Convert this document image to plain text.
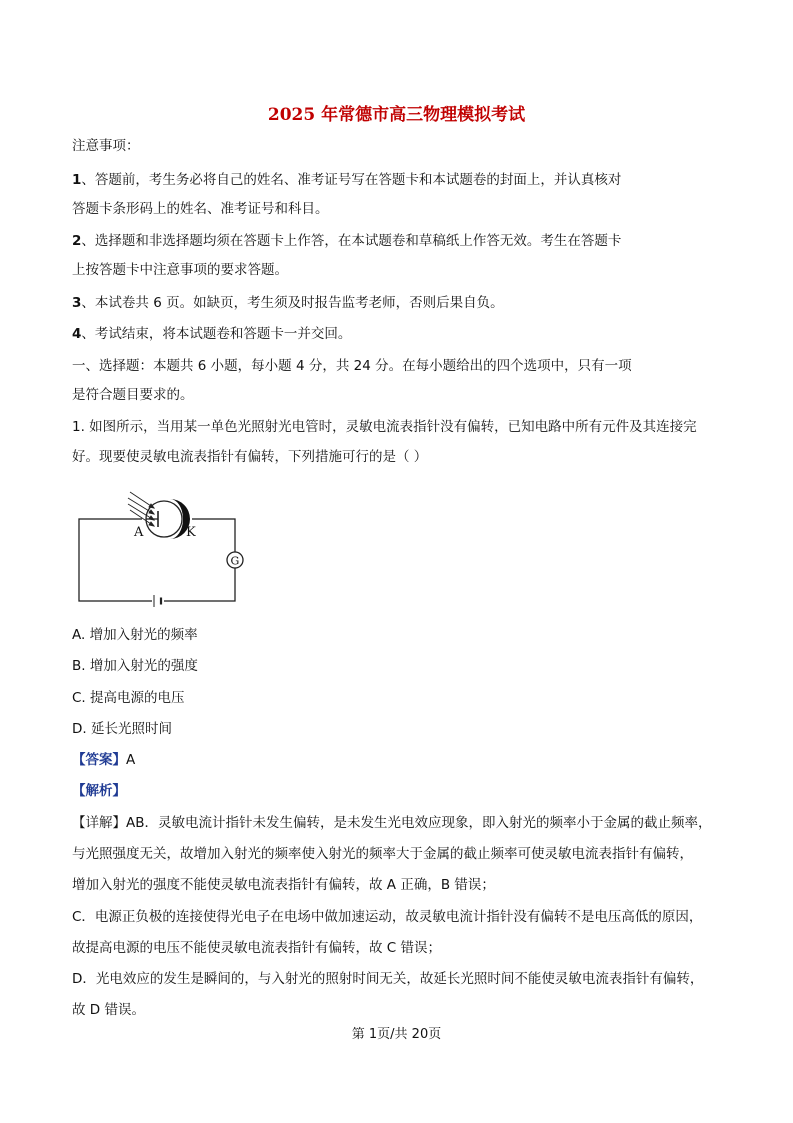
2025 年常德市高三物理模拟考试
注意事项：
1、答题前，考生务必将自己的姓名、准考证号写在答题卡和本试题卷的封面上，并认真核对
答题卡条形码上的姓名、准考证号和科目。
2、选择题和非选择题均须在答题卡上作答，在本试题卷和草稿纸上作答无效。考生在答题卡
上按答题卡中注意事项的要求答题。
3、本试卷共 6 页。如缺页，考生须及时报告监考老师，否则后果自负。
4、考试结束，将本试题卷和答题卡一并交回。
一、选择题：本题共 6 小题，每小题 4 分，共 24 分。在每小题给出的四个选项中，只有一项
是符合题目要求的。
1. 如图所示，当用某一单色光照射光电管时，灵敏电流表指针没有偏转，已知电路中所有元件及其连接完
好。现要使灵敏电流表指针有偏转，下列措施可行的是（ ）
A	K
G
A. 增加入射光的频率
B. 增加入射光的强度
C. 提高电源的电压
D. 延长光照时间
【答案】A
【解析】
【详解】AB．灵敏电流计指针未发生偏转，是未发生光电效应现象，即入射光的频率小于金属的截止频率，
与光照强度无关，故增加入射光的频率使入射光的频率大于金属的截止频率可使灵敏电流表指针有偏转，
增加入射光的强度不能使灵敏电流表指针有偏转，故 A 正确，B 错误；
C．电源正负极的连接使得光电子在电场中做加速运动，故灵敏电流计指针没有偏转不是电压高低的原因，
故提高电源的电压不能使灵敏电流表指针有偏转，故 C 错误；
D．光电效应的发生是瞬间的，与入射光的照射时间无关，故延长光照时间不能使灵敏电流表指针有偏转，
故 D 错误。
第 1页/共 20页
